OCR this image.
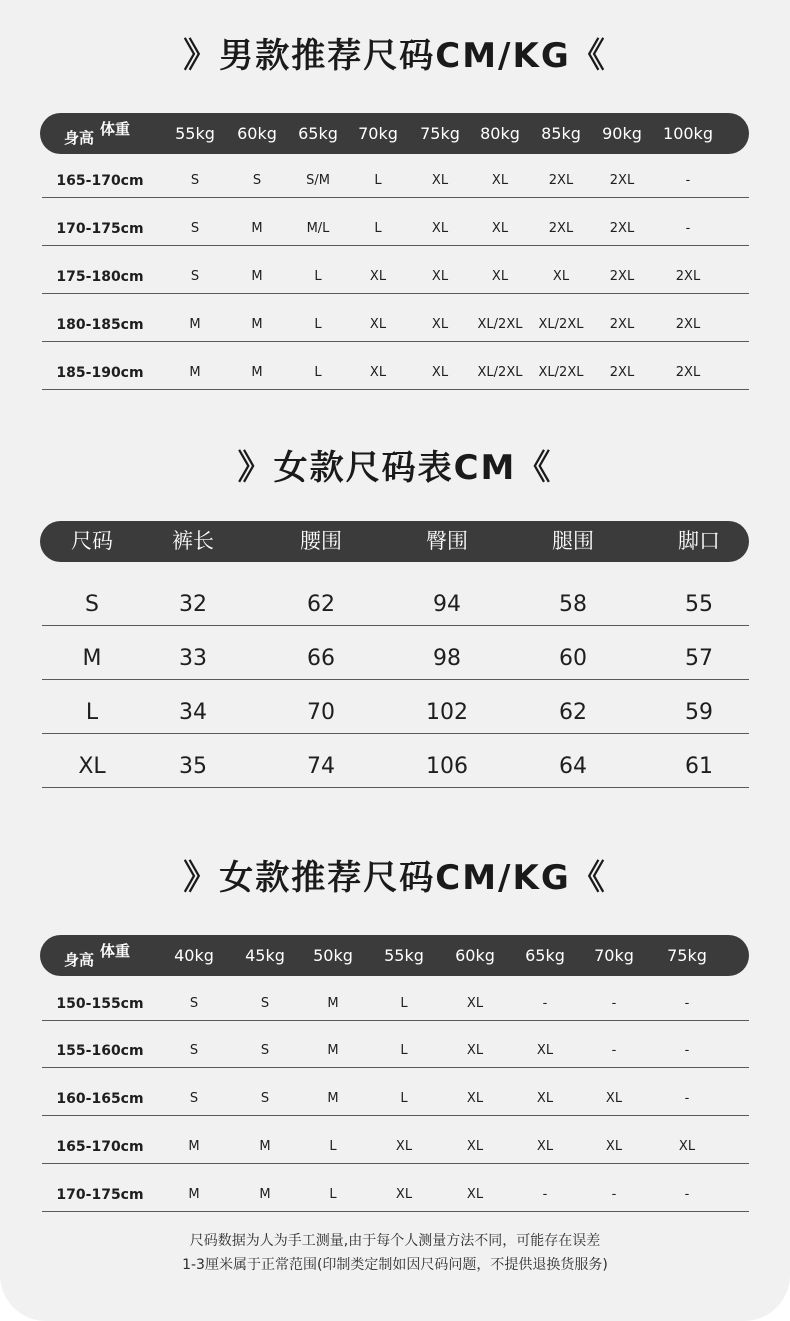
》男款推荐尺码CM/KG《
身高 体重	55kg 60kg 65kg 70kg 75kg 80kg 85kg 90kg 100kg
165-170cm	S	S	S/M	L	XL	XL	2XL	2XL	-
170-175cm	S	M	M/L	L	XL	XL	2XL	2XL	-
175-180cm	S	M	L	XL	XL	XL	XL	2XL	2XL
180-185cm	M	M	L	XL	XL XL/2XL XL/2XL 2XL	2XL
185-190cm	M	M	L	XL	XL XL/2XL XL/2XL 2XL	2XL
》女款尺码表CM《
尺码	裤长	腰围	臀围	腿围	脚口
S	32	62	94	58	55
M	33	66	98	60	57
L	34	70	102	62	59
XL	35	74	106	64	61
》女款推荐尺码CM/KG《
身高 体重	40kg 45kg 50kg 55kg 60kg 65kg 70kg 75kg
150-155cm	S	S	M	L	XL	-	-	-
155-160cm	S	S	M	L	XL	XL	-	-
160-165cm	S	S	M	L	XL	XL	XL	-
165-170cm	M	M	L	XL	XL	XL	XL	XL
170-175cm	M	M	L	XL	XL	-	-	-
尺码数据为人为手工测量,由于每个人测量方法不同，可能存在误差
1-3厘米属于正常范围(印制类定制如因尺码问题，不提供退换货服务)
